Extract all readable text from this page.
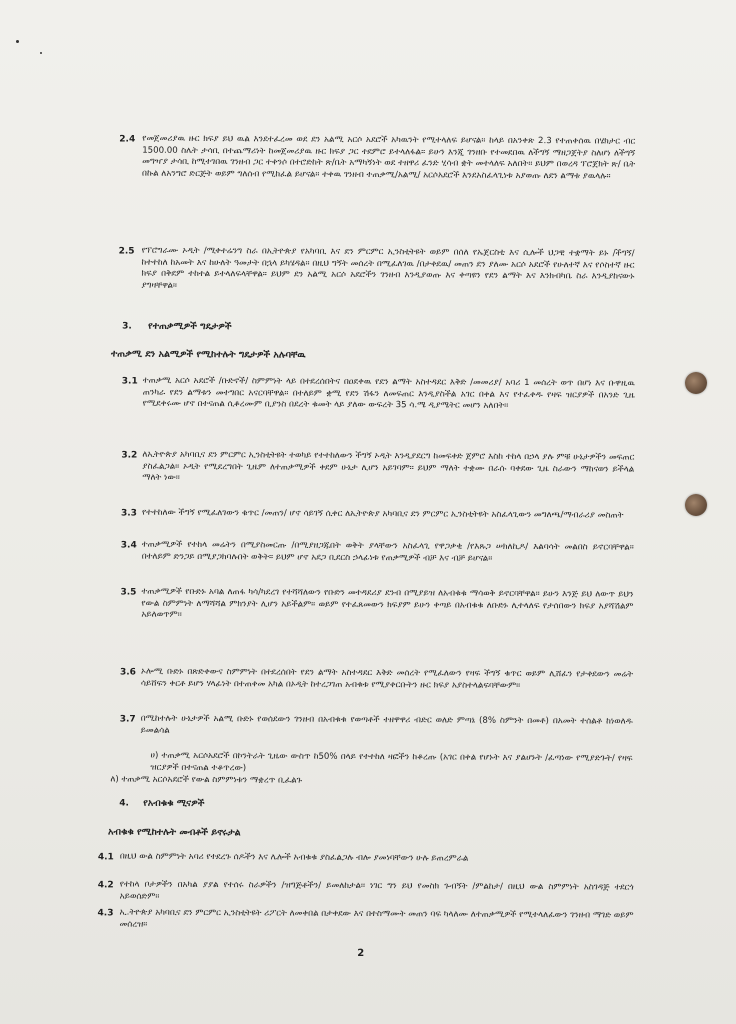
2.4 የመጀመሪያዉ ዙር ክፍያ ይህ ዉል እንደተፈረመ ወደ ደን አልሚ አርሶ አደሮች አካዉንት የሚተላለፍ ይሆናል፡፡ ከላይ በአንቀጽ 2.3 የተጠቀሰዉ በሄክታር ብር 1500.00 ስሌት ታሳቢ በተጨማሪነት ከመጀመሪያዉ ዙር ክፍያ ጋር ተደምሮ ይተላለፋል፡፡ ይሁን እንጂ ገንዘቡ የተመደበዉ ለችግኝ ማዘጋጀትያ ስለሆነ ለችግኝ መግዣያ ታሳቢ ከሚተገበዉ ገንዘብ ጋር ተቀንሶ በተሮድከት ጽ/ቤት አማካኝነት ወደ ተዘዋሪ ፈንድ ሂሳብ ቋት መተላለፍ አለበት፡፡ ይህም በወረዳ ፕሮጀክት ጽ/ ቤት በኩል ለአንግሮ ድርጅት ወይም ግለሰብ የሚከፈል ይሆናል፡፡ ተቀዉ ገንዘብ ተጠቃሚ/አልሚ/ አርሶአደሮች እንደአስፈላጊነቱ አያወጡ ለደን ልማቱ ያዉላሉ፡፡
2.5 የፕሮግራሙ ኦዲት /ሚቀተሬንግ ስራ በኢትዮጵያ የአካባቢ እና ደን ምርምር ኢንስቲትዩት ወይም በሰለ የኤጀርስቲ እና ሲሎች ህጋዊ ተቋማት ይኑ /ችግኝ/ ከተተከለ ከአመት እና ከሁለት ዓመታት በኋላ ይካሄዳል፡፡ በዚህ ግኝት መሰረት በሚፈለገዉ /በታቀደዉ/ መጠን ደን ያለሙ አርሶ አደሮች የሁለተኛ እና የሶስተኛ ዙር ክፍያ በቅደም ተከተል ይተላለፍላቸዋል፡፡ ይህም ደን አልሚ አርሶ አደሮችን ገንዘብ እንዲያወጡ እና ቀጣዩን የደን ልማት እና እንክብካቤ ስራ እንዲያከናውኑ ያግዛቸዋል፡፡
3. የተጠቃሚዎች ግዴታዎች
ተጠቃሚ ደን አልሚዎች የሚከተሉት ግዴታዎች አሉባቸዉ
3.1 ተጠቃሚ አርሶ አደሮች /ቡድኖች/ ስምምነት ላይ በተደረሰበትና በዐደቀዉ የደን ልማት አስተዳደር እቅድ /መመሪያ/ አባሪ 1 መሰረት ወጥ በሆነ እና ቡዋዚዉ ጠንካራ የደን ልማቱን መተግበር አናርባቸዋል፡፡ በተለይም ቋሚ የደን ሽፋን ለመፍጠር እንዲያስችል አገር በቀል እና የተፈቀዱ የዛፍ ዝርያዎች በአንድ ጊዜ የሚደቀሩሙ ሆኖ በተናጠል ሲቆረሙም ቢያንስ በደረት ቁመት ላይ ያለው ውፍረት 35 ሳ.ሜ ዲያሜትር መሆን አለበት፡፡
3.2 ለኢትዮጵያ አካባቢና ደን ምርምር ኢንስቲትዩት ተወካይ የተተከለውን ችግኝ ኦዲት እንዲያደርግ ከመፍቀድ ጀምሮ እስከ ተከላ በኃላ ያሉ ምቹ ሁኔታዎችን መፍጠር ያስፈልጋል፡፡ ኦዲት የሚደረግበት ጊዜም ለተጠቃሚዎች ቀደም ሁኔታ ሊሆን አይገባም፡፡ ይህም ማለት ተቋሙ በራሱ ባቀደው ጊዜ ስራውን ማከናወን ይችላል ማለት ነው፡፡
3.3 የተተከለው ችግኝ የሚፈለገውን ቁጥር /መጠን/ ሆኖ ሳይገኝ ሲቀር ለኢትዮጵያ አካባቢና ደን ምርምር ኢንስቲትዩት አስፈላጊውን መግለጫ/ማብራሪያ መስጠት
3.4 ተጠቃሚዎች የተከላ መሬትን በሚያስመርጡ /በሚያዘጋጁበት ወቅት ያላቸውን አስፈላጊ የዋጋቃቂ /የእጹጋ ሠክለኪዶ/ እልባሳት መልበስ ይኖርባቸዋል፡፡ በተለይም ድንጋይ በሚያጋክባሉበት ወቅት፡፡ ይህም ሆኖ አደጋ ቢደርስ ኃላፊነቱ የጠቃሚዎች ብቻ እና ብቻ ይሆናል፡፡
3.5 ተጠቃሚዎች የቡድኑ አባል ለጠፋ ካሳ/ካደረገ የተሻሻለውን የቡድን መተዳደሪያ ደንብ በሚያይዝ ለአብቁቁ ማሳወቅ ይኖርባቸዋል፡፡ ይሁን እንጅ ይህ ለውጥ ይህን የውል ስምምነት ለማሻሻል ምክንያት ሊሆን አይችልም፡፡ ወይም የተፈጸመውን ክፍያም ይሁን ቀጣይ በአብቁቁ ለቡድኑ ሊተላለፍ የታሰበውን ክፍያ አያሻሽልም አይለወጥም፡፡
3.6 ኦሎሚ ቡድኑ በጽድቀውና ስምምነት በተደረሰበት የደን ልማት አስተዳደር እቅድ መሰረት የሚፈለውን የዛፍ ችግኝ ቁጥር ወይም ሊሸፈን የታቀደውን መሬት ሳይሸፍን ቀርቶ ይሆን ሃላፊነት በተጠቀመ አካል በኦዲት ከተረጋገጠ አብቁቱ የሚያቀርቡትን ዙር ክፍያ አያስተላልፍባቸውም፡፡
3.7 በሚከተሉት ሁኔታዎች አልሚ ቡድኑ የወሰደውን ገንዘብ በአብቁቁ የወጣቶች ተዘዋዋሪ ብድር ወለድ ምጣኔ (8% ስምንት በመቶ) በአመት ተሰልቶ ከነወለዱ ይመልሳል
ሀ) ተጠቃሚ አርሶአደሮች በኮንትራት ጊዜው ውስጥ ከ50% በላይ የተተከለ ዛፎችን ከቆረጡ (አገር በቀል የሆኑት እና ያልሆኑት /ፈጣነው የሚያድጉት/ የዛፍ ዝርያዎች በተናጠል ተቆጥረው)
ለ) ተጠቃሚ አርሶአደሮች የውል ስምምነቱን ማቋረጥ ቢፈልጉ
4. የአብቁቁ ሚናዎች
አብቁቁ የሚከተሉት መብቶች ይኖሩታል
4.1 በዚህ ውል ስምምነት አባሪ የተደረጉ ሰዶችን እና ሌሎች አብቁቁ ያስፈልጋሉ ብሎ ያመነባቸውን ሁሉ ይጠረምራል
4.2 የተከላ ቦታዎችን በአካል ያያል የተሰሩ ስራዎችን /ዝግጅቶችን/ ይመለከታል፡፡ ነገር ግን ይህ የመስክ ጉብኝት /ምልከታ/ በዚህ ውል ስምምነት አስገዳጅ ተደርጎ አይወሰድም፡፡
4.3 ኢ.ትዮጵያ አካባቢና ደን ምርምር ኢንስቲትዩት ሪፖርት ለመቀበል በታቀደው እና በተስማሙት መጠን ባፍ ካላለሙ ለተጠቃሚዎች የሚተላለፈውን ገንዘብ ማገድ ወይም መሰረዝ፡፡
2
